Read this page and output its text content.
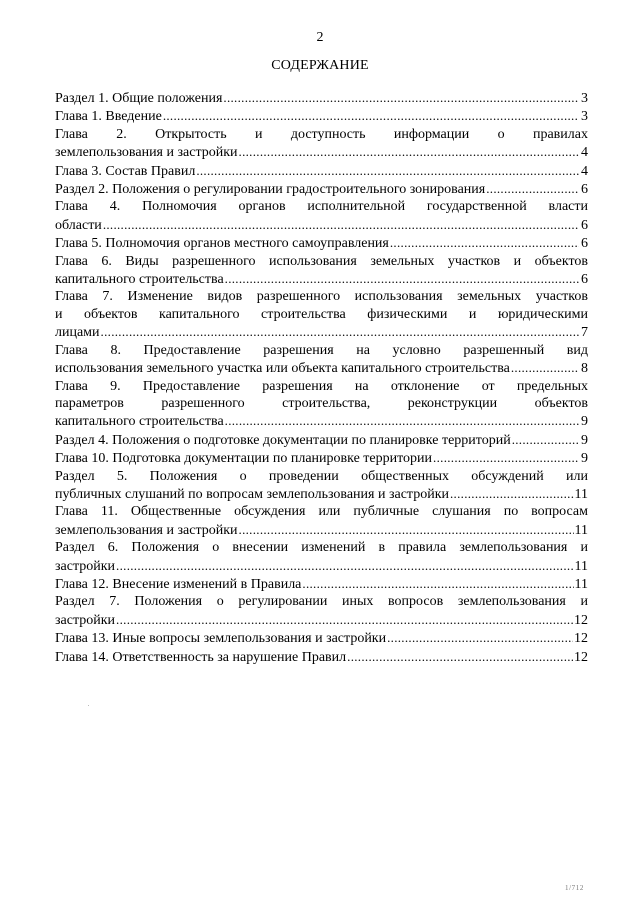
2
СОДЕРЖАНИЕ
Раздел 1. Общие положения .....	3
Глава 1. Введение .....	3
Глава 2. Открытость и доступность информации о правилах
землепользования и застройки .....	4
Глава 3. Состав Правил .....	4
Раздел 2. Положения о регулировании градостроительного зонирования .....	6
Глава 4. Полномочия органов исполнительной государственной власти
области .....	6
Глава 5. Полномочия органов местного самоуправления .....	6
Глава 6. Виды разрешенного использования земельных участков и объектов
капитального строительства .....	6
Глава 7. Изменение видов разрешенного использования земельных участков
и объектов капитального строительства физическими и юридическими
лицами .....	7
Глава 8. Предоставление разрешения на условно разрешенный вид
использования земельного участка или объекта капитального строительства .....	8
Глава 9. Предоставление разрешения на отклонение от предельных
параметров разрешенного строительства, реконструкции объектов
капитального строительства .....	9
Раздел 4. Положения о подготовке документации по планировке территорий .....	9
Глава 10. Подготовка документации по планировке территории .....	9
Раздел 5. Положения о проведении общественных обсуждений или
публичных слушаний по вопросам землепользования и застройки .....	11
Глава 11. Общественные обсуждения или публичные слушания по вопросам
землепользования и застройки .....	11
Раздел 6. Положения о внесении изменений в правила землепользования и
застройки .....	11
Глава 12. Внесение изменений в Правила .....	11
Раздел 7. Положения о регулировании иных вопросов землепользования и
застройки .....	12
Глава 13. Иные вопросы землепользования и застройки .....	12
Глава 14. Ответственность за нарушение Правил .....	12
1/712
